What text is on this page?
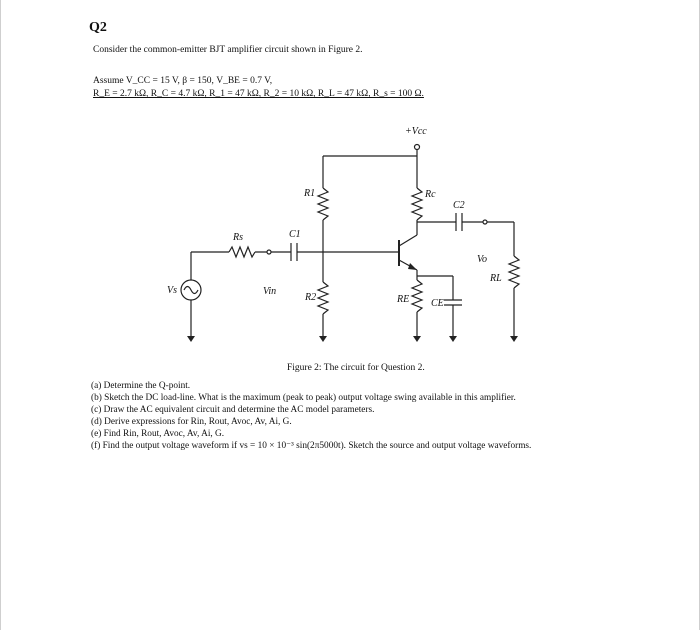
Q2
Consider the common-emitter BJT amplifier circuit shown in Figure 2.
Assume V_CC = 15 V, β = 150, V_BE = 0.7 V,
R_E = 2.7 kΩ, R_C = 4.7 kΩ, R_1 = 47 kΩ, R_2 = 10 kΩ, R_L = 47 kΩ, R_s = 100 Ω.
+Vcc
R1	Rc
C2
C1
Rs
Vo
RL
Vs	Vin
R2	RE CE
Figure 2: The circuit for Question 2.

(a) Determine the Q-point.

(b) Sketch the DC load-line. What is the maximum (peak to peak) output voltage swing available in this amplifier.

(c) Draw the AC equivalent circuit and determine the AC model parameters.

(d) Derive expressions for Rin, Rout, Avoc, Av, Ai, G.

(e) Find Rin, Rout, Avoc, Av, Ai, G.

(f) Find the output voltage waveform if vs = 10 × 10⁻³ sin(2π5000t). Sketch the source and output voltage waveforms.
